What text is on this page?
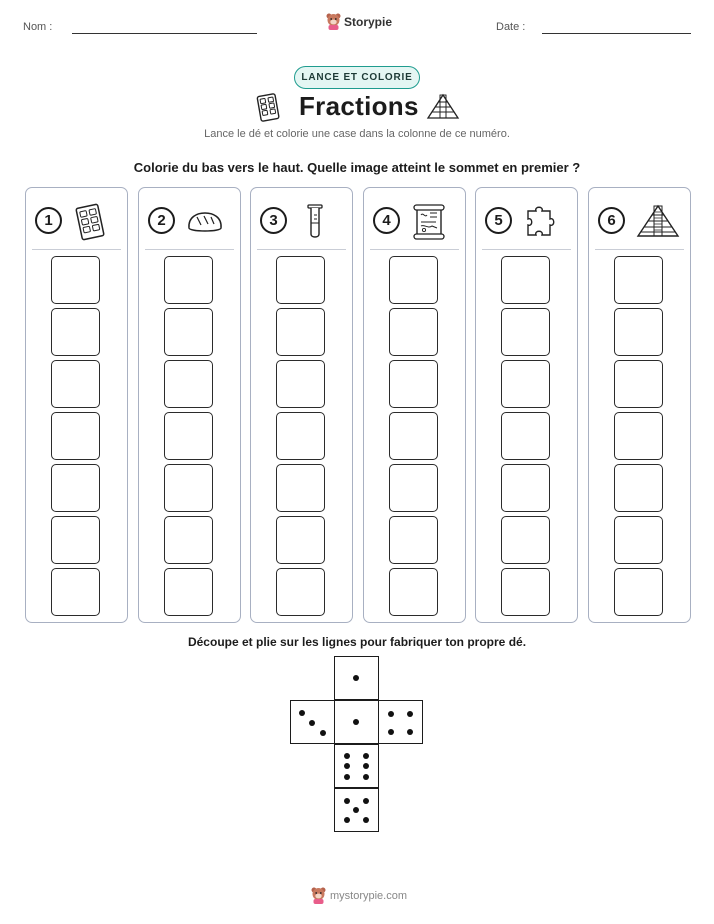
Nom :	Storypie	Date :
LANCE ET COLORIE
Fractions
Lance le dé et colorie une case dans la colonne de ce numéro.
Colorie du bas vers le haut. Quelle image atteint le sommet en premier ?
1	2	3	4	5	6
Découpe et plie sur les lignes pour fabriquer ton propre dé.
mystorypie.com
